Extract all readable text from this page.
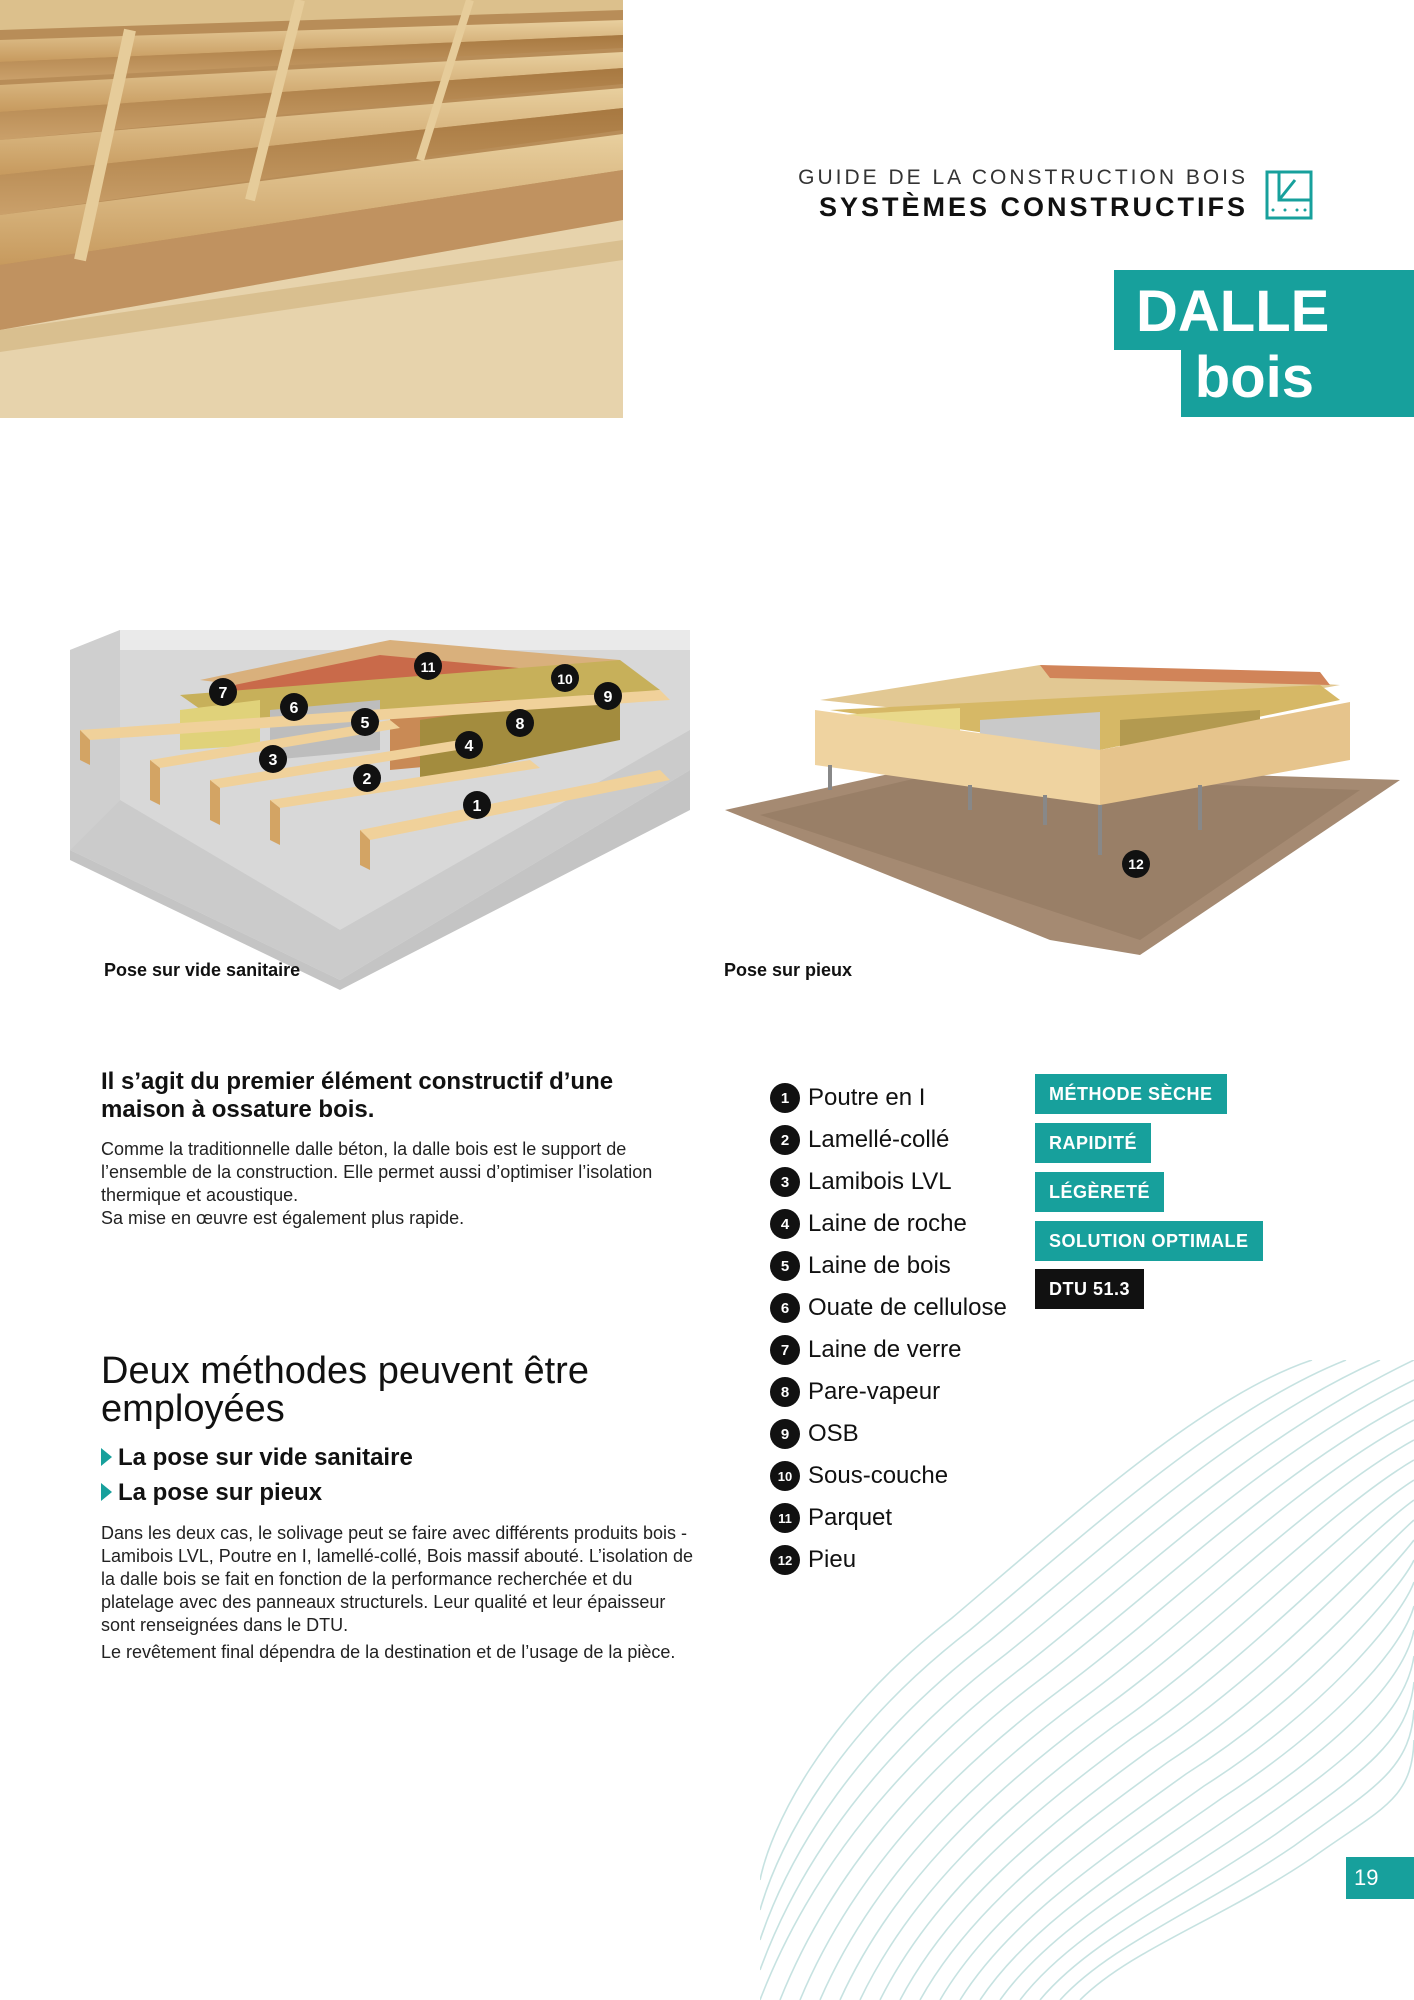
GUIDE DE LA CONSTRUCTION BOIS
SYSTÈMES CONSTRUCTIFS
DALLE
bois
1
2
3
4
5
6
7
8
9
10
11
12
Pose sur vide sanitaire	Pose sur pieux
Il s’agit du premier élément constructif d’une maison à ossature bois.
Comme la traditionnelle dalle béton, la dalle bois est le support de l’ensemble de la construction. Elle permet aussi d’optimiser l’isolation thermique et acoustique.
Sa mise en œuvre est également plus rapide.
Deux méthodes peuvent être employées
La pose sur vide sanitaire
La pose sur pieux
Dans les deux cas, le solivage peut se faire avec différents produits bois - Lamibois LVL, Poutre en I, lamellé-collé, Bois massif abouté. L’isolation de la dalle bois se fait en fonction de la performance recherchée et du platelage avec des panneaux structurels. Leur qualité et leur épaisseur sont renseignées dans le DTU.
Le revêtement final dépendra de la destination et de l’usage de la pièce.
1 Poutre en I
2 Lamellé-collé
3 Lamibois LVL
4 Laine de roche
5 Laine de bois
6 Ouate de cellulose
7 Laine de verre
8 Pare-vapeur
9 OSB
10 Sous-couche
11 Parquet
12 Pieu
MÉTHODE SÈCHE
RAPIDITÉ
LÉGÈRETÉ
SOLUTION OPTIMALE
DTU 51.3
19
